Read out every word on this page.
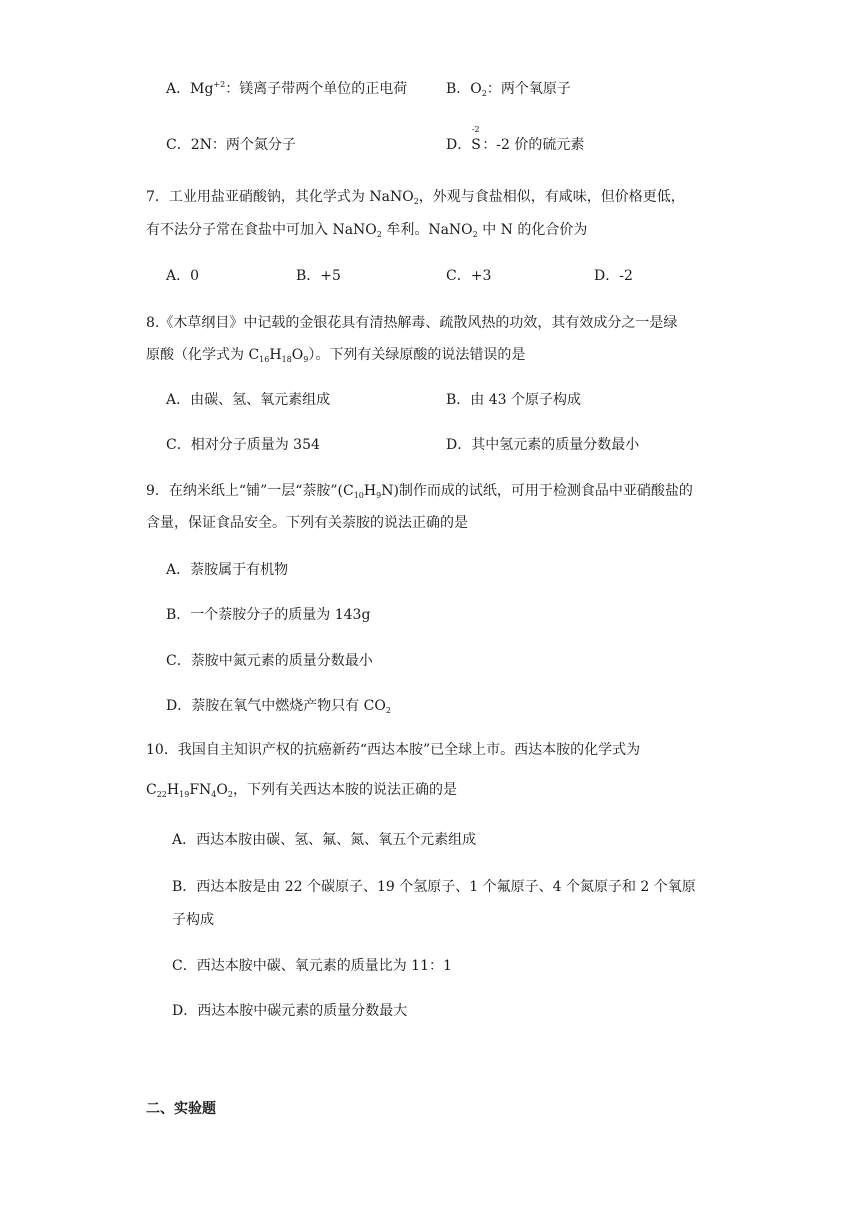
A．$Mg^{+2}$：镁离子带两个单位的正电荷	B．$O_2$：两个氧原子
C．2N：两个氮分子	D．
-2
S：-2 价的硫元素
7．工业用盐亚硝酸钠，其化学式为 NaNO$_2$，外观与食盐相似，有咸味，但价格更低，
有不法分子常在食盐中可加入 NaNO$_2$ 牟利。NaNO$_2$ 中 N 的化合价为
A．0	B．+5	C．+3	D．-2
8.《木草纲目》中记载的金银花具有清热解毒、疏散风热的功效，其有效成分之一是绿
原酸（化学式为 $C_{16}H_{18}O_9$）。下列有关绿原酸的说法错误的是
A．由碳、氢、氧元素组成	B．由 43 个原子构成
C．相对分子质量为 354	D．其中氢元素的质量分数最小
9．在纳米纸上“铺”一层“萘胺$”(C_{10}H_9N)$制作而成的试纸，可用于检测食品中亚硝酸盐的
含量，保证食品安全。下列有关萘胺的说法正确的是
A．萘胺属于有机物
B．一个萘胺分子的质量为 143g
C．萘胺中氮元素的质量分数最小
D．萘胺在氧气中燃烧产物只有 $CO_2$
10．我国自主知识产权的抗癌新药“西达本胺”已全球上市。西达本胺的化学式为
$C_{22}H_{19}FN_4O_2$，下列有关西达本胺的说法正确的是
A．西达本胺由碳、氢、氟、氮、氧五个元素组成
B．西达本胺是由 22 个碳原子、19 个氢原子、1 个氟原子、4 个氮原子和 2 个氧原
子构成
C．西达本胺中碳、氧元素的质量比为 11：1
D．西达本胺中碳元素的质量分数最大
二、实验题
